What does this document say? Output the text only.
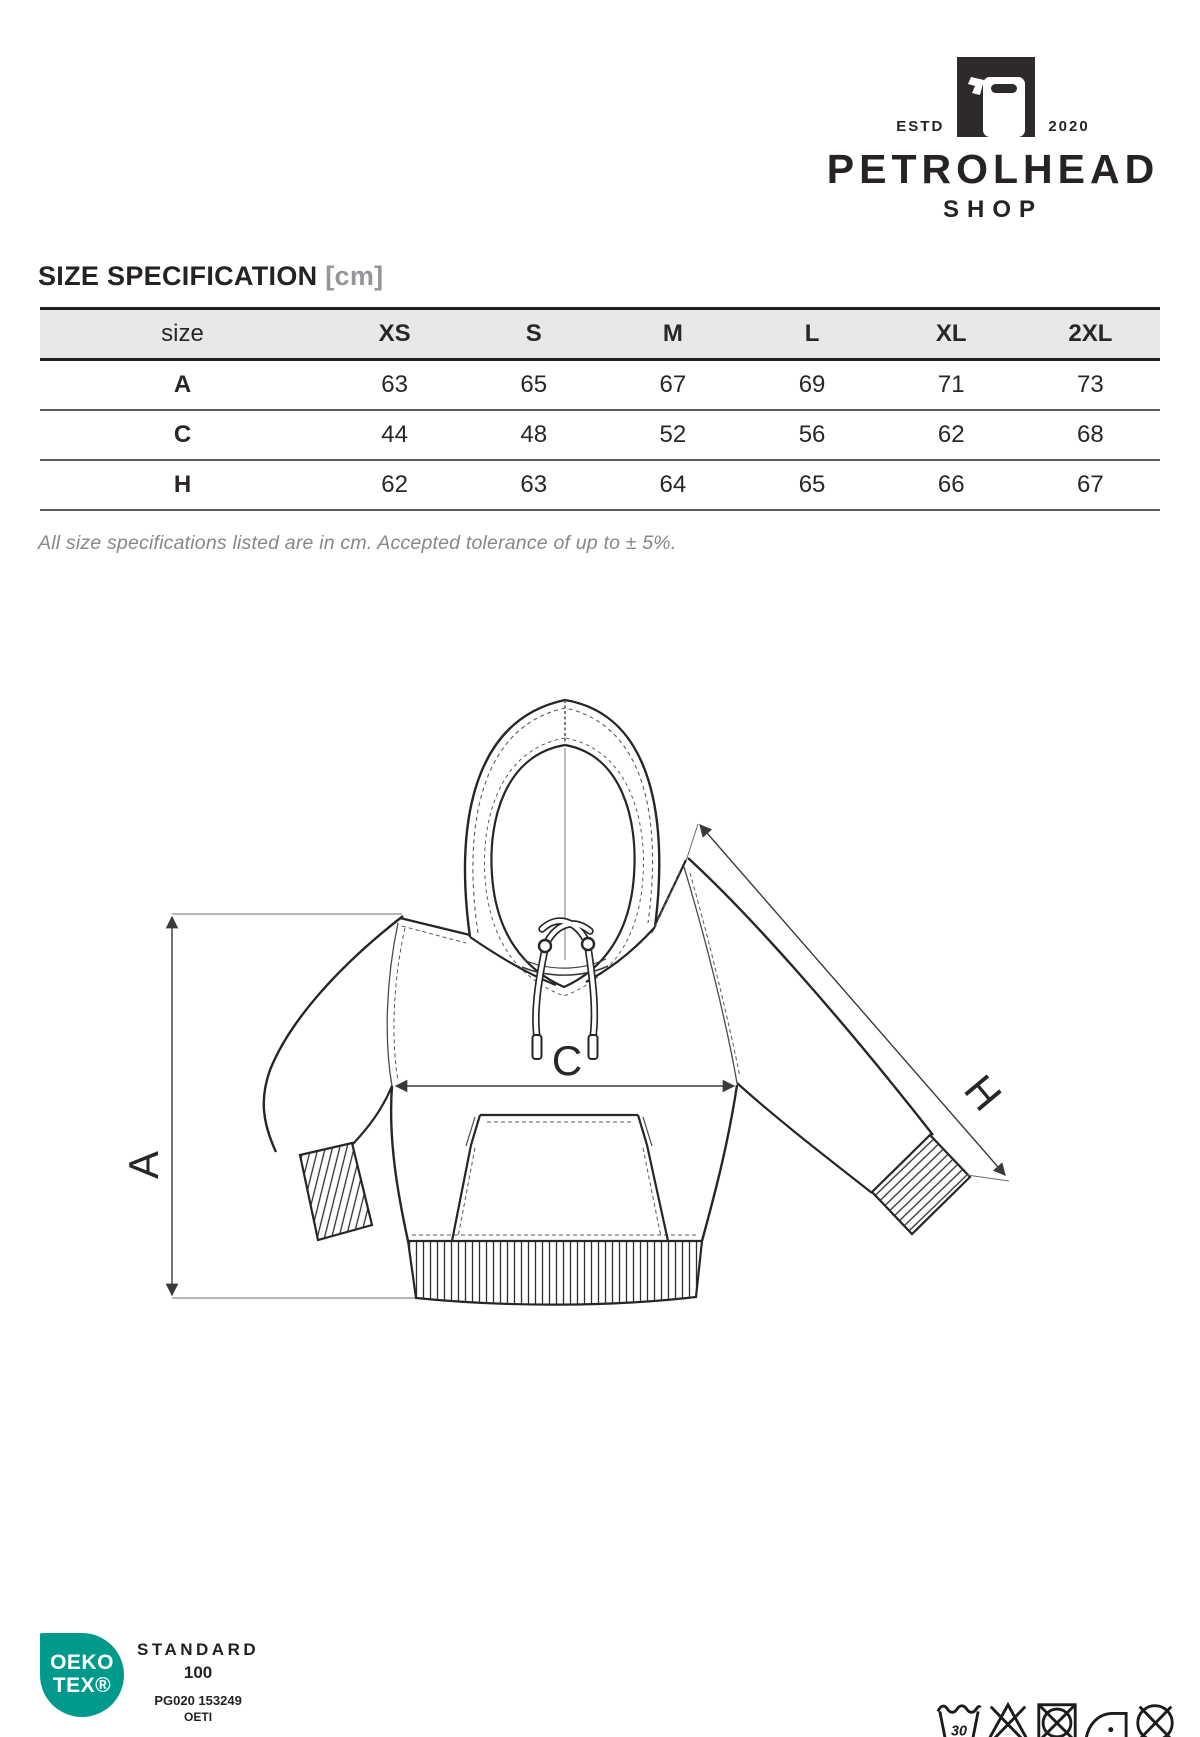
ESTD	2020
PETROLHEAD
SHOP
SIZE SPECIFICATION [cm]
size	XS	S	M	L	XL	2XL
A	63	65	67	69	71	73
C	44	48	52	56	62	68
H	62	63	64	65	66	67

All size specifications listed are in cm. Accepted tolerance of up to ± 5%.

A
C
H
OEKO
TEX®
STANDARD
100
PG020 153249
OETI
30
